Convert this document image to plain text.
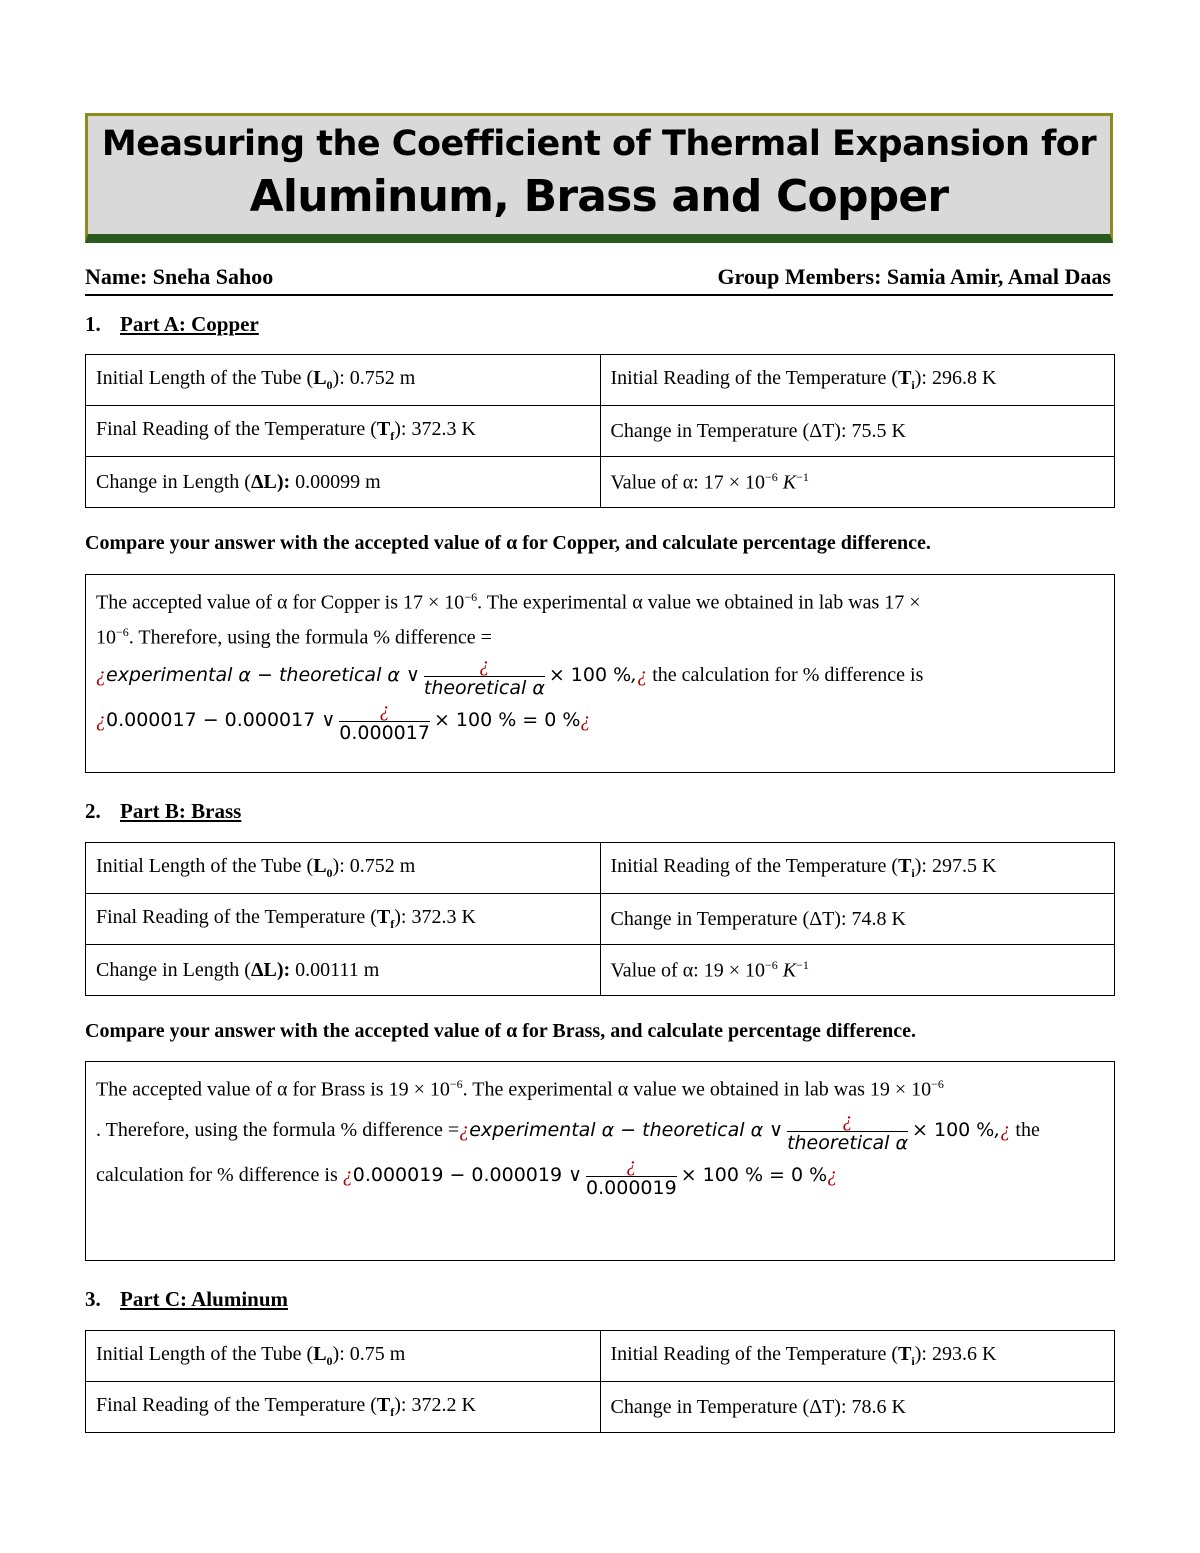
Measuring the Coefficient of Thermal Expansion for
Aluminum, Brass and Copper
Name: Sneha Sahoo	Group Members: Samia Amir, Amal Daas
1. Part A: Copper
Initial Length of the Tube $(L_0)$: 0.752 m	Initial Reading of the Temperature $(T_i)$: 296.8 K
Final Reading of the Temperature $(T_f)$: 372.3 K	Change in Temperature (ΔT): 75.5 K
Change in Length (ΔL): 0.00099 m	Value of α: $17 \times 10^{-6}$ $K^{-1}$
Compare your answer with the accepted value of α for Copper, and calculate percentage difference.
The accepted value of α for Copper is $17 \times 10^{-6}$. The experimental α value we obtained in lab was 17 ×
$10^{-6}$. Therefore, using the formula % difference =
¿experimental α − theoretical α ∨ $\frac{¿}{\text{theoretical α}} \times 100$ %,¿ the calculation for % difference is
¿0.000017 − 0.000017 ∨ $\frac{¿}{0.000017} \times 100$ % = 0 %¿
2. Part B: Brass
Initial Length of the Tube $(L_0)$: 0.752 m	Initial Reading of the Temperature $(T_i)$: 297.5 K
Final Reading of the Temperature $(T_f)$: 372.3 K	Change in Temperature (ΔT): 74.8 K
Change in Length (ΔL): 0.00111 m	Value of α: $19 \times 10^{-6}$ $K^{-1}$
Compare your answer with the accepted value of α for Brass, and calculate percentage difference.
The accepted value of α for Brass is $19 \times 10^{-6}$. The experimental α value we obtained in lab was $19 \times 10^{-6}$
. Therefore, using the formula % difference =¿experimental α − theoretical α ∨ $\frac{¿}{\text{theoretical α}} \times 100$ %,¿ the
calculation for % difference is ¿0.000019 − 0.000019 ∨ $\frac{¿}{0.000019} \times 100$ % = 0 %¿
3. Part C: Aluminum
Initial Length of the Tube $(L_0)$: 0.75 m	Initial Reading of the Temperature $(T_i)$: 293.6 K
Final Reading of the Temperature $(T_f)$: 372.2 K	Change in Temperature (ΔT): 78.6 K
